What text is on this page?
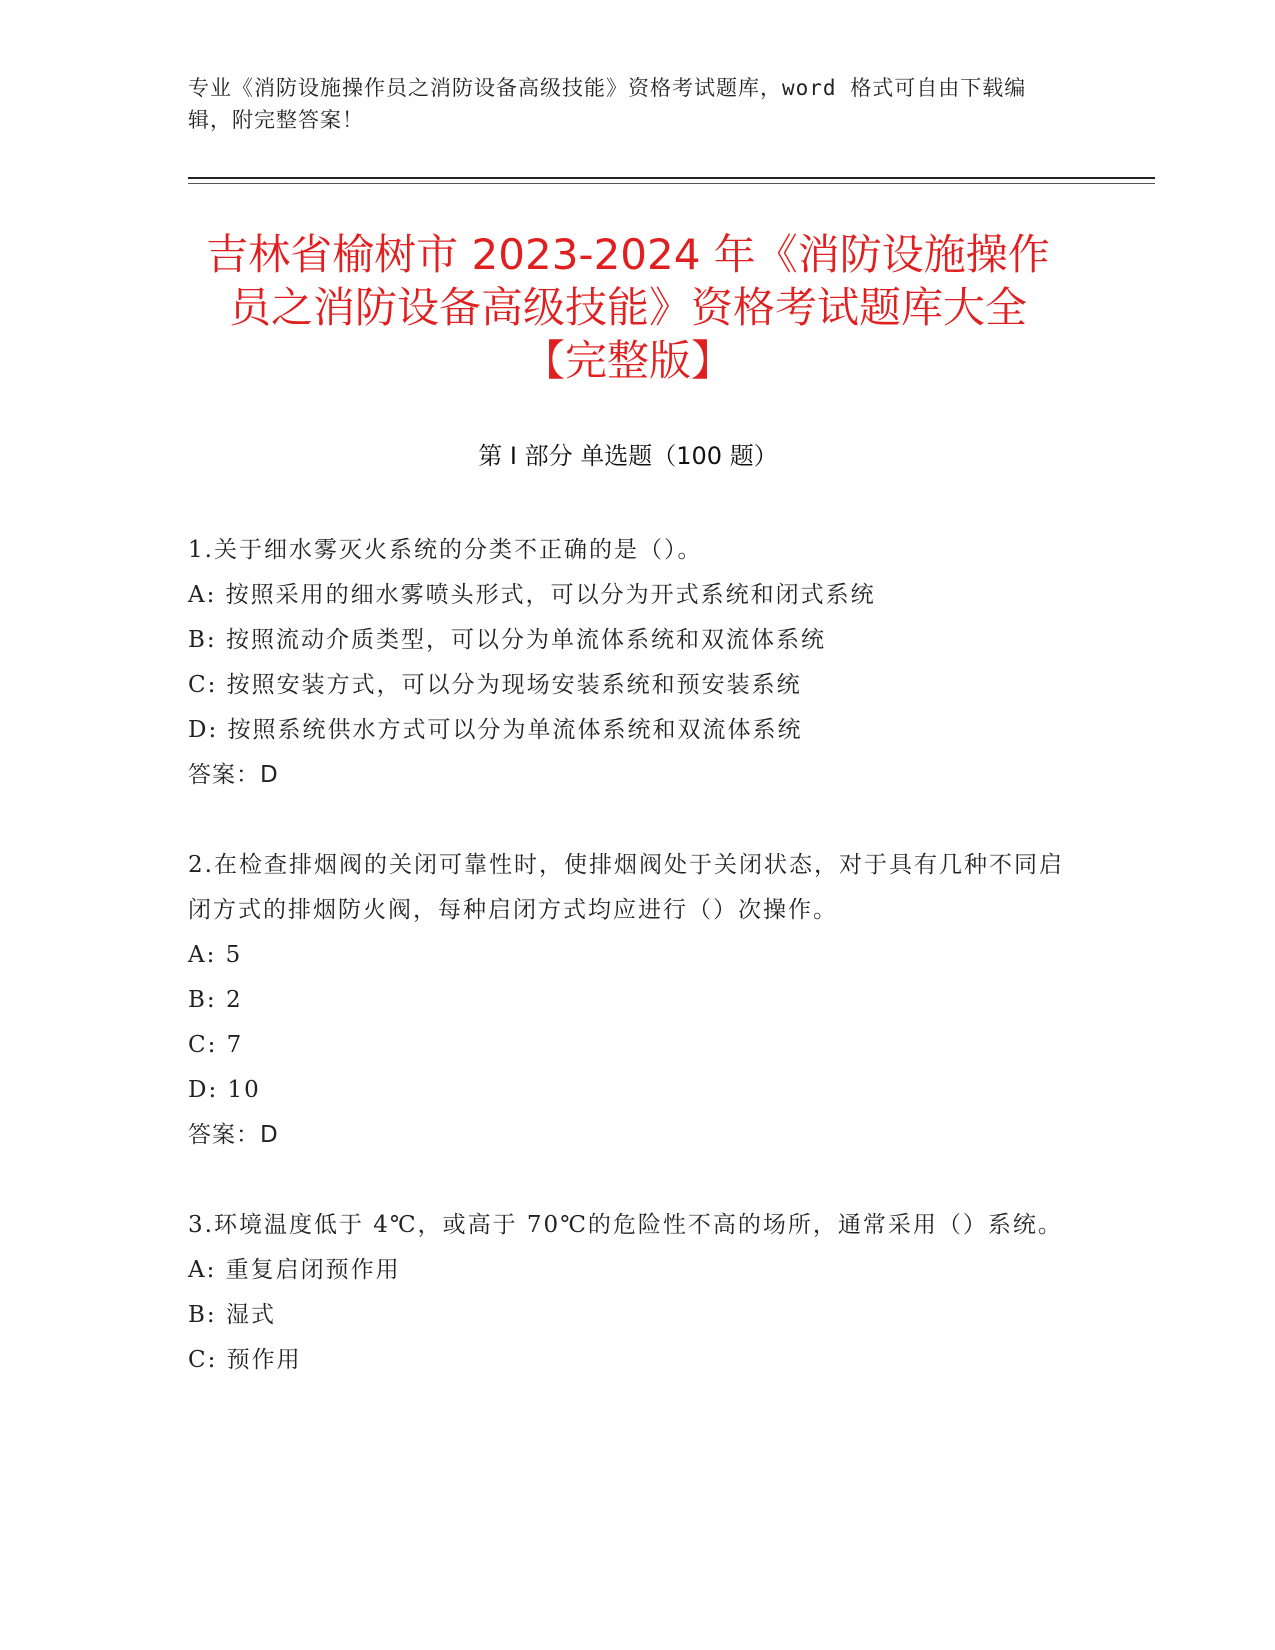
专业《消防设施操作员之消防设备高级技能》资格考试题库，word 格式可自由下载编辑，附完整答案！
吉林省榆树市 2023-2024 年《消防设施操作员之消防设备高级技能》资格考试题库大全【完整版】
第 I 部分 单选题（100 题）

1.关于细水雾灭火系统的分类不正确的是（）。

A: 按照采用的细水雾喷头形式，可以分为开式系统和闭式系统

B: 按照流动介质类型，可以分为单流体系统和双流体系统

C: 按照安装方式，可以分为现场安装系统和预安装系统

D: 按照系统供水方式可以分为单流体系统和双流体系统

答案：D

2.在检查排烟阀的关闭可靠性时，使排烟阀处于关闭状态，对于具有几种不同启闭方式的排烟防火阀，每种启闭方式均应进行（）次操作。

A: 5

B: 2

C: 7

D: 10

答案：D

3.环境温度低于 4℃，或高于 70℃的危险性不高的场所，通常采用（）系统。

A: 重复启闭预作用

B: 湿式

C: 预作用
